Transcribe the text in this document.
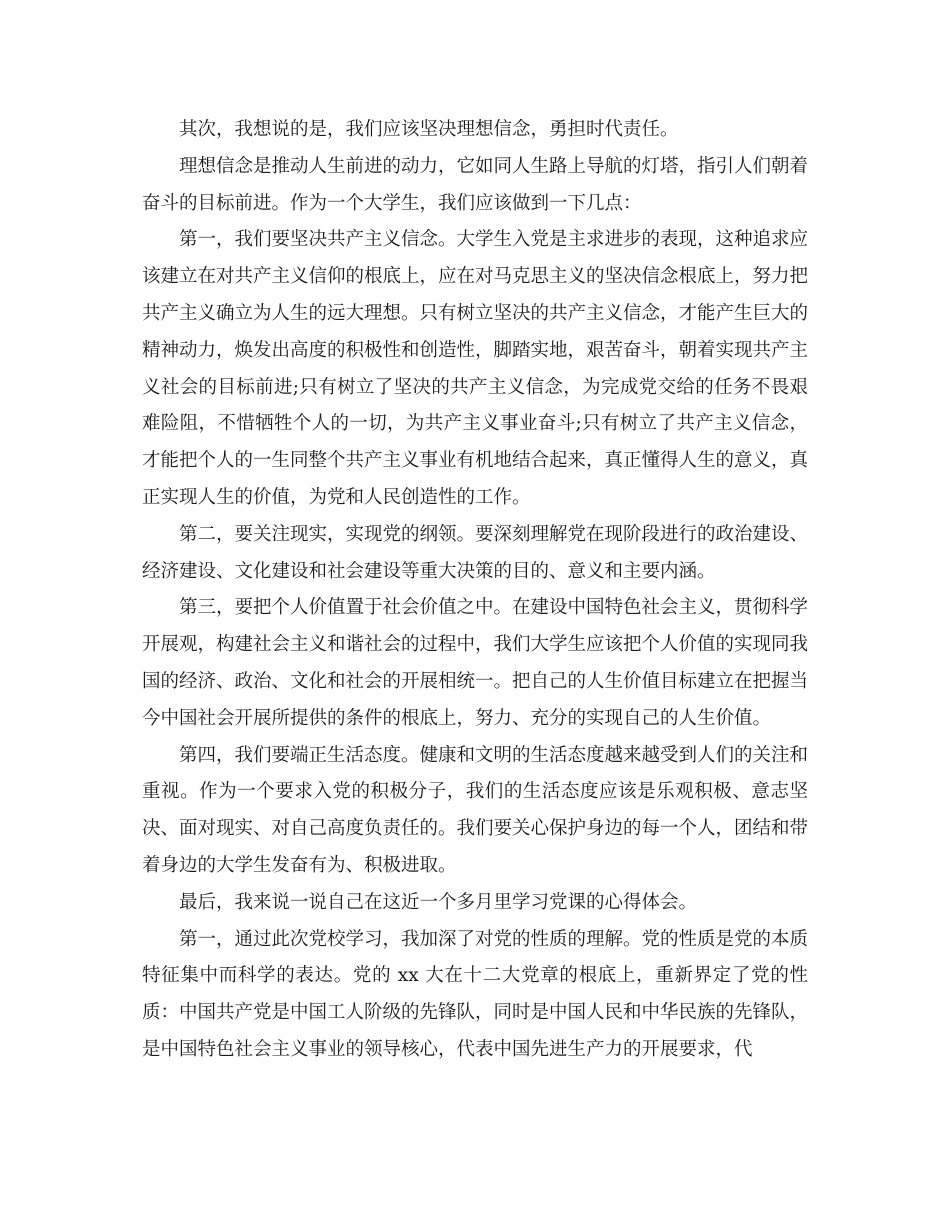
其次，我想说的是，我们应该坚决理想信念，勇担时代责任。

理想信念是推动人生前进的动力，它如同人生路上导航的灯塔，指引人们朝着奋斗的目标前进。作为一个大学生，我们应该做到一下几点：

第一，我们要坚决共产主义信念。大学生入党是主求进步的表现，这种追求应该建立在对共产主义信仰的根底上，应在对马克思主义的坚决信念根底上，努力把共产主义确立为人生的远大理想。只有树立坚决的共产主义信念，才能产生巨大的精神动力，焕发出高度的积极性和创造性，脚踏实地，艰苦奋斗，朝着实现共产主义社会的目标前进;只有树立了坚决的共产主义信念，为完成党交给的任务不畏艰难险阻，不惜牺牲个人的一切，为共产主义事业奋斗;只有树立了共产主义信念，才能把个人的一生同整个共产主义事业有机地结合起来，真正懂得人生的意义，真正实现人生的价值，为党和人民创造性的工作。

第二，要关注现实，实现党的纲领。要深刻理解党在现阶段进行的政治建设、经济建设、文化建设和社会建设等重大决策的目的、意义和主要内涵。

第三，要把个人价值置于社会价值之中。在建设中国特色社会主义，贯彻科学开展观，构建社会主义和谐社会的过程中，我们大学生应该把个人价值的实现同我国的经济、政治、文化和社会的开展相统一。把自己的人生价值目标建立在把握当今中国社会开展所提供的条件的根底上，努力、充分的实现自己的人生价值。

第四，我们要端正生活态度。健康和文明的生活态度越来越受到人们的关注和重视。作为一个要求入党的积极分子，我们的生活态度应该是乐观积极、意志坚决、面对现实、对自己高度负责任的。我们要关心保护身边的每一个人，团结和带着身边的大学生发奋有为、积极进取。

最后，我来说一说自己在这近一个多月里学习党课的心得体会。

第一，通过此次党校学习，我加深了对党的性质的理解。党的性质是党的本质特征集中而科学的表达。党的 xx 大在十二大党章的根底上，重新界定了党的性质：中国共产党是中国工人阶级的先锋队，同时是中国人民和中华民族的先锋队，是中国特色社会主义事业的领导核心，代表中国先进生产力的开展要求，代
